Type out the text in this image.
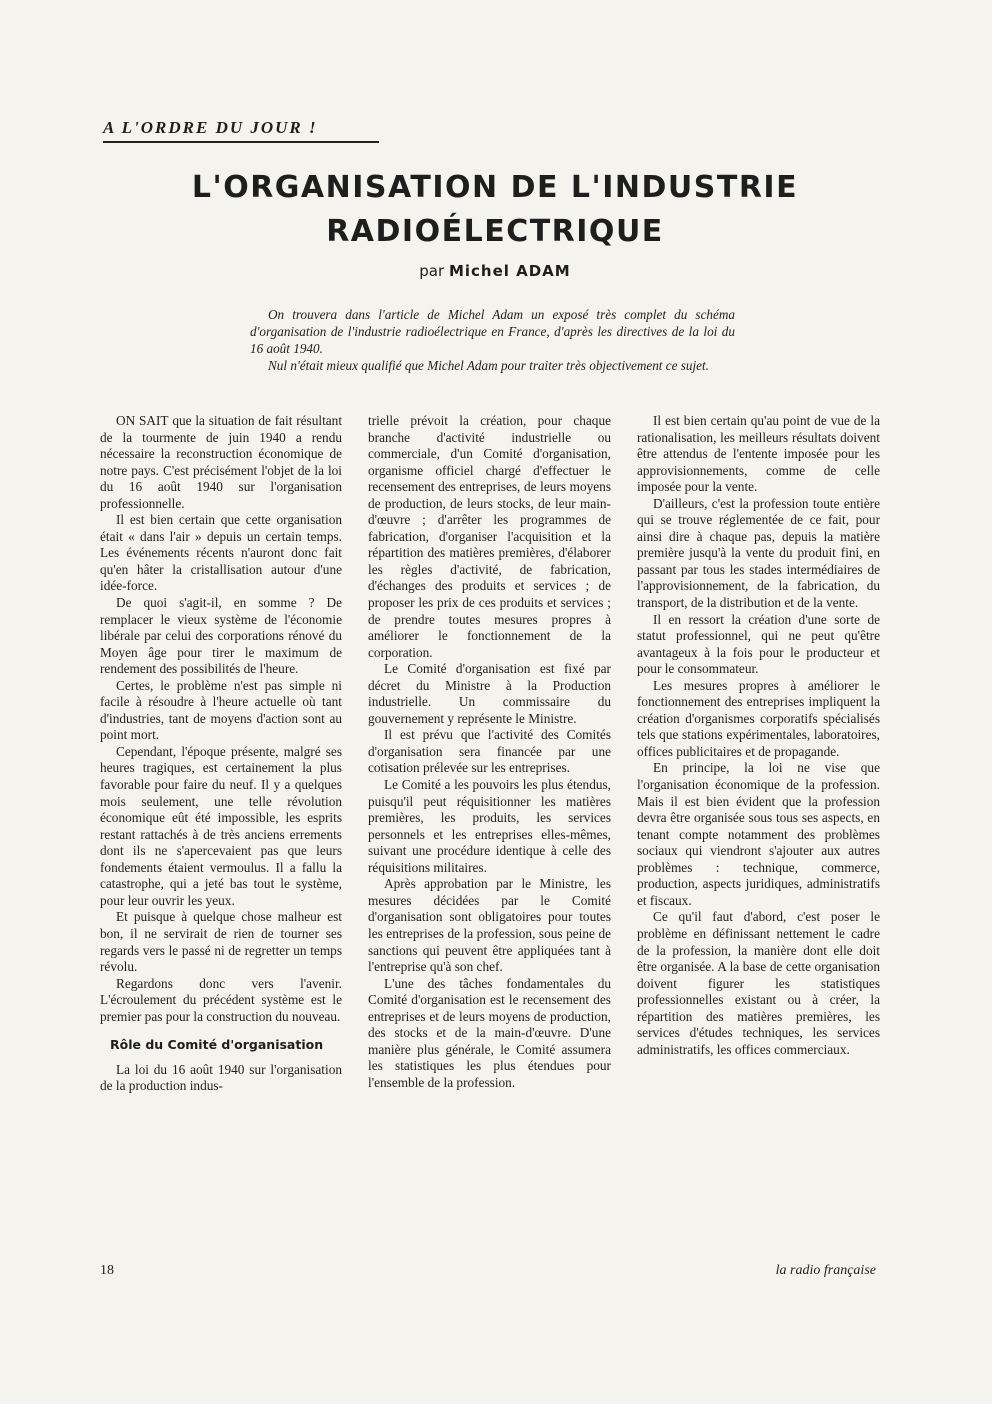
A L'ORDRE DU JOUR !
L'ORGANISATION DE L'INDUSTRIE
RADIOÉLECTRIQUE
par Michel ADAM

On trouvera dans l'article de Michel Adam un exposé très complet du schéma d'organisation de l'industrie radioélectrique en France, d'après les directives de la loi du 16 août 1940.

Nul n'était mieux qualifié que Michel Adam pour traiter très objectivement ce sujet.

ON SAIT que la situation de fait résultant de la tourmente de juin 1940 a rendu nécessaire la reconstruction économique de notre pays. C'est précisément l'objet de la loi du 16 août 1940 sur l'organisation professionnelle.

Il est bien certain que cette organisation était « dans l'air » depuis un certain temps. Les événements récents n'auront donc fait qu'en hâter la cristallisation autour d'une idée-force.

De quoi s'agit-il, en somme ? De remplacer le vieux système de l'économie libérale par celui des corporations rénové du Moyen âge pour tirer le maximum de rendement des possibilités de l'heure.

Certes, le problème n'est pas simple ni facile à résoudre à l'heure actuelle où tant d'industries, tant de moyens d'action sont au point mort.

Cependant, l'époque présente, malgré ses heures tragiques, est certainement la plus favorable pour faire du neuf. Il y a quelques mois seulement, une telle révolution économique eût été impossible, les esprits restant rattachés à de très anciens errements dont ils ne s'apercevaient pas que leurs fondements étaient vermoulus. Il a fallu la catastrophe, qui a jeté bas tout le système, pour leur ouvrir les yeux.

Et puisque à quelque chose malheur est bon, il ne servirait de rien de tourner ses regards vers le passé ni de regretter un temps révolu.

Regardons donc vers l'avenir. L'écroulement du précédent système est le premier pas pour la construction du nouveau.

Rôle du Comité d'organisation

La loi du 16 août 1940 sur l'organisation de la production indus-

trielle prévoit la création, pour chaque branche d'activité industrielle ou commerciale, d'un Comité d'organisation, organisme officiel chargé d'effectuer le recensement des entreprises, de leurs moyens de production, de leurs stocks, de leur main-d'œuvre ; d'arrêter les programmes de fabrication, d'organiser l'acquisition et la répartition des matières premières, d'élaborer les règles d'activité, de fabrication, d'échanges des produits et services ; de proposer les prix de ces produits et services ; de prendre toutes mesures propres à améliorer le fonctionnement de la corporation.

Le Comité d'organisation est fixé par décret du Ministre à la Production industrielle. Un commissaire du gouvernement y représente le Ministre.

Il est prévu que l'activité des Comités d'organisation sera financée par une cotisation prélevée sur les entreprises.

Le Comité a les pouvoirs les plus étendus, puisqu'il peut réquisitionner les matières premières, les produits, les services personnels et les entreprises elles-mêmes, suivant une procédure identique à celle des réquisitions militaires.

Après approbation par le Ministre, les mesures décidées par le Comité d'organisation sont obligatoires pour toutes les entreprises de la profession, sous peine de sanctions qui peuvent être appliquées tant à l'entreprise qu'à son chef.

L'une des tâches fondamentales du Comité d'organisation est le recensement des entreprises et de leurs moyens de production, des stocks et de la main-d'œuvre. D'une manière plus générale, le Comité assumera les statistiques les plus étendues pour l'ensemble de la profession.

Il est bien certain qu'au point de vue de la rationalisation, les meilleurs résultats doivent être attendus de l'entente imposée pour les approvisionnements, comme de celle imposée pour la vente.

D'ailleurs, c'est la profession toute entière qui se trouve réglementée de ce fait, pour ainsi dire à chaque pas, depuis la matière première jusqu'à la vente du produit fini, en passant par tous les stades intermédiaires de l'approvisionnement, de la fabrication, du transport, de la distribution et de la vente.

Il en ressort la création d'une sorte de statut professionnel, qui ne peut qu'être avantageux à la fois pour le producteur et pour le consommateur.

Les mesures propres à améliorer le fonctionnement des entreprises impliquent la création d'organismes corporatifs spécialisés tels que stations expérimentales, laboratoires, offices publicitaires et de propagande.

En principe, la loi ne vise que l'organisation économique de la profession. Mais il est bien évident que la profession devra être organisée sous tous ses aspects, en tenant compte notamment des problèmes sociaux qui viendront s'ajouter aux autres problèmes : technique, commerce, production, aspects juridiques, administratifs et fiscaux.

Ce qu'il faut d'abord, c'est poser le problème en définissant nettement le cadre de la profession, la manière dont elle doit être organisée. A la base de cette organisation doivent figurer les statistiques professionnelles existant ou à créer, la répartition des matières premières, les services d'études techniques, les services administratifs, les offices commerciaux.

18	la radio française
